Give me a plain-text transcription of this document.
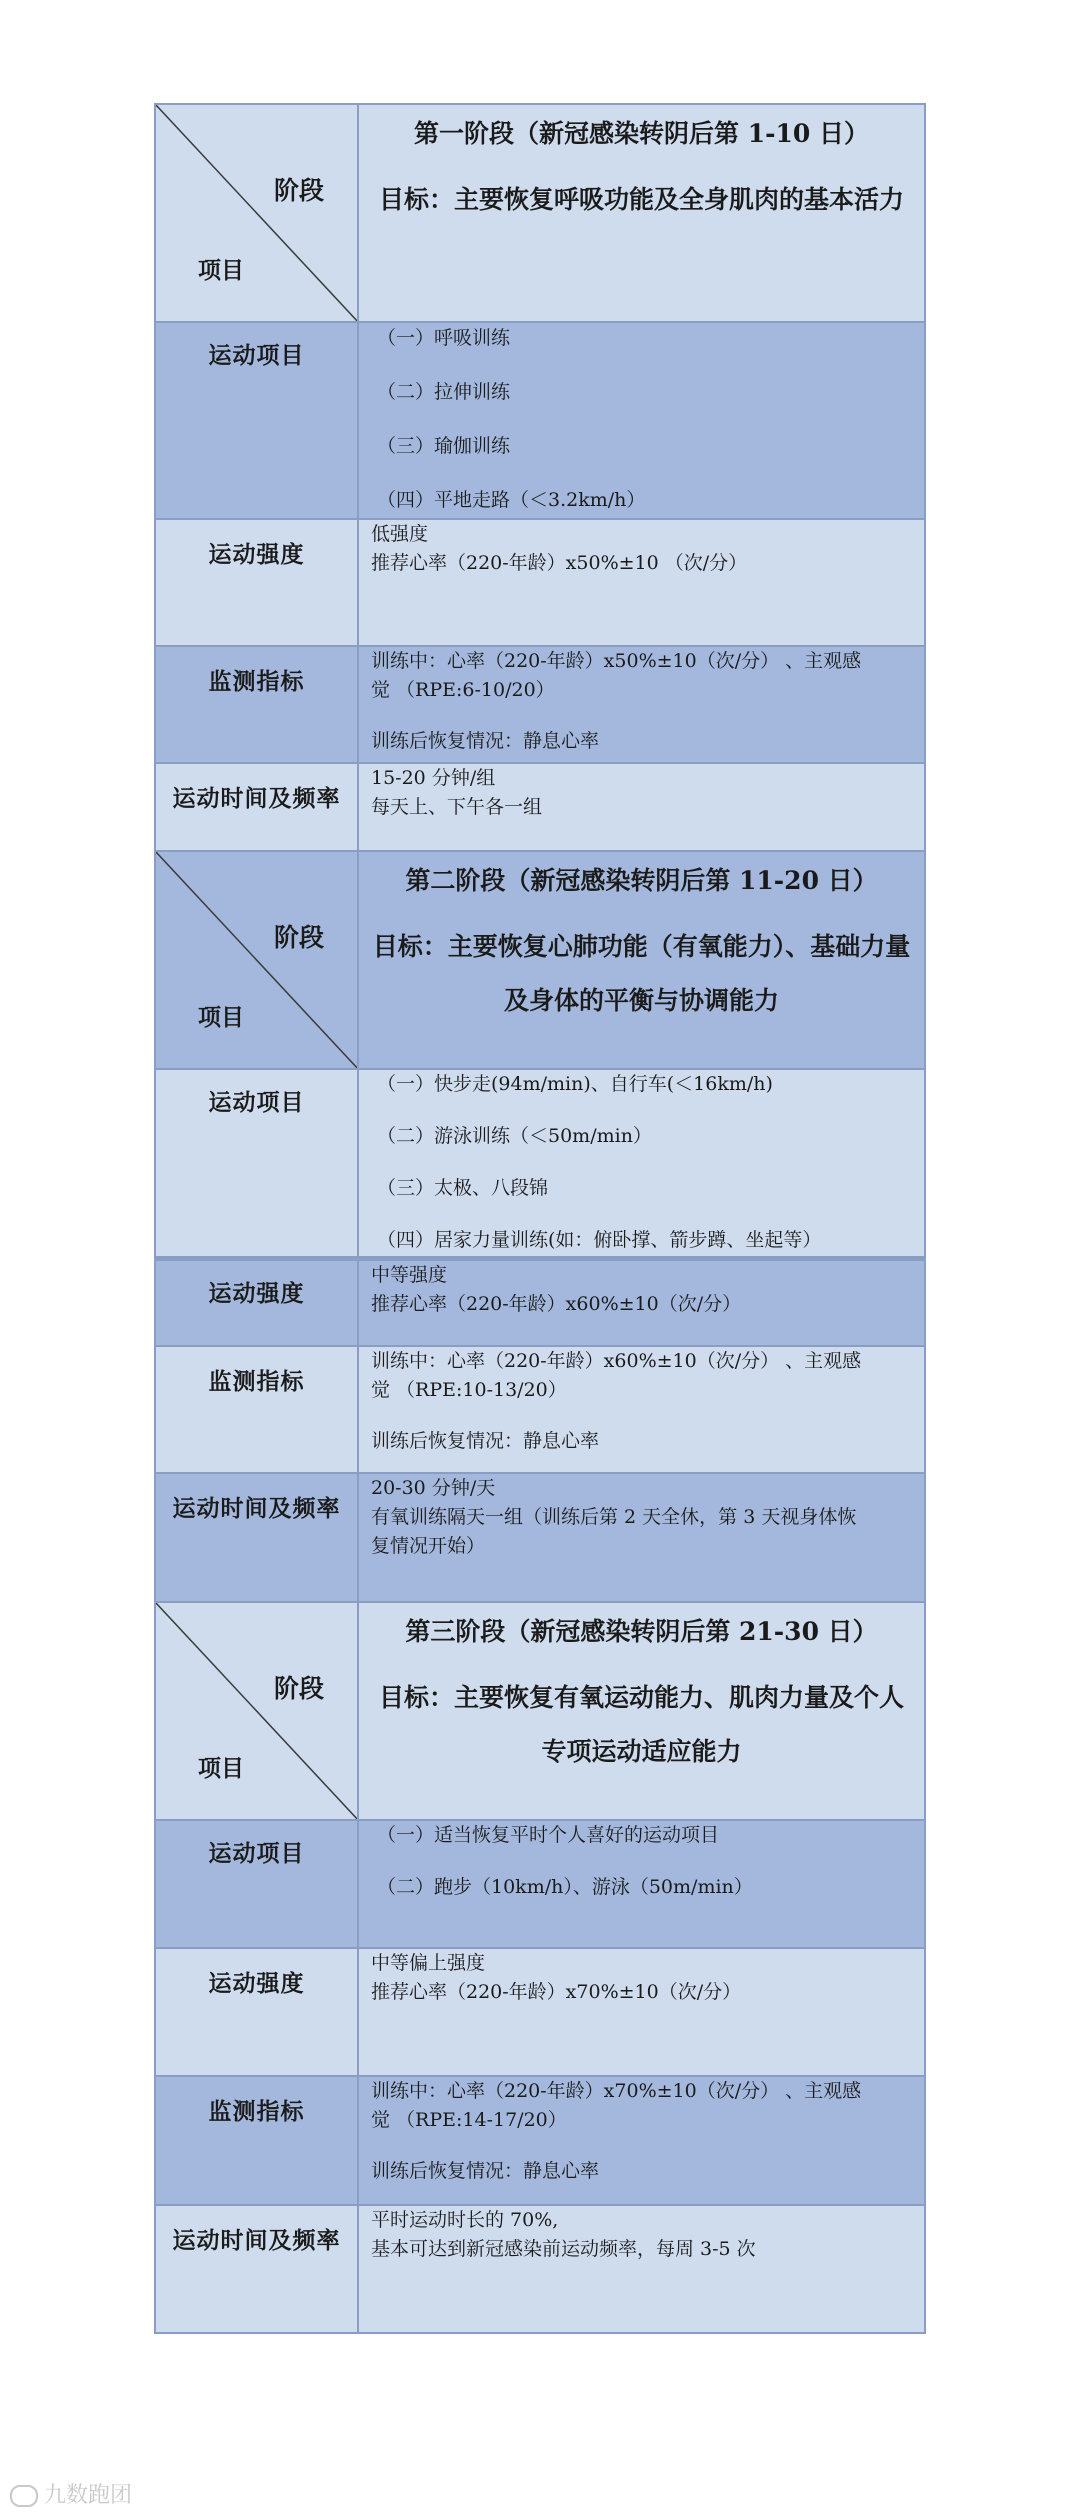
阶段
项目
第一阶段（新冠感染转阴后第 1-10 日）
目标：主要恢复呼吸功能及全身肌肉的基本活力
运动项目
（一）呼吸训练
（二）拉伸训练
（三）瑜伽训练
（四）平地走路（＜3.2km/h）
运动强度
低强度
推荐心率（220-年龄）x50%±10 （次/分）
监测指标
训练中：心率（220-年龄）x50%±10（次/分） 、主观感
觉 （RPE:6-10/20）
训练后恢复情况：静息心率
运动时间及频率
15-20 分钟/组
每天上、下午各一组
阶段
项目
第二阶段（新冠感染转阴后第 11-20 日）
目标：主要恢复心肺功能（有氧能力）、基础力量及身体的平衡与协调能力
运动项目
（一）快步走(94m/min)、自行车(＜16km/h)
（二）游泳训练（＜50m/min）
（三）太极、八段锦
（四）居家力量训练(如：俯卧撑、箭步蹲、坐起等）
运动强度
中等强度
推荐心率（220-年龄）x60%±10（次/分）
监测指标
训练中：心率（220-年龄）x60%±10（次/分） 、主观感
觉 （RPE:10-13/20）
训练后恢复情况：静息心率
运动时间及频率
20-30 分钟/天
有氧训练隔天一组（训练后第 2 天全休，第 3 天视身体恢
复情况开始）
阶段
项目
第三阶段（新冠感染转阴后第 21-30 日）
目标：主要恢复有氧运动能力、肌肉力量及个人专项运动适应能力
运动项目
（一）适当恢复平时个人喜好的运动项目
（二）跑步（10km/h）、游泳（50m/min）
运动强度
中等偏上强度
推荐心率（220-年龄）x70%±10（次/分）
监测指标
训练中：心率（220-年龄）x70%±10（次/分） 、主观感
觉 （RPE:14-17/20）
训练后恢复情况：静息心率
运动时间及频率
平时运动时长的 70%,
基本可达到新冠感染前运动频率，每周 3-5 次
九数跑团
